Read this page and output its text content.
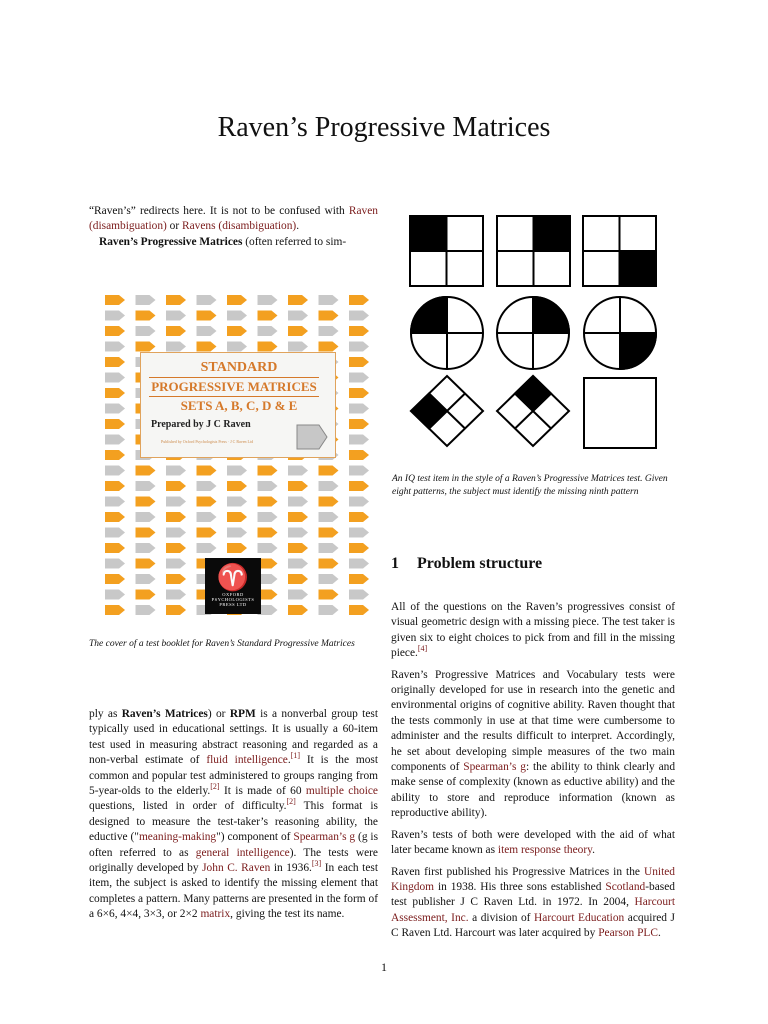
Raven’s Progressive Matrices
“Raven’s” redirects here. It is not to be confused with Raven (disambiguation) or Ravens (disambiguation).
Raven’s Progressive Matrices (often referred to sim-
STANDARD
PROGRESSIVE MATRICES
SETS A, B, C, D & E
Prepared by J C Raven
Published by Oxford Psychologists Press · J C Raven Ltd
♈
OXFORD PSYCHOLOGISTS PRESS LTD
The cover of a test booklet for Raven’s Standard Progressive Matrices
ply as Raven’s Matrices) or RPM is a nonverbal group test typically used in educational settings. It is usually a 60-item test used in measuring abstract reasoning and regarded as a non-verbal estimate of fluid intelligence.[1] It is the most common and popular test administered to groups ranging from 5-year-olds to the elderly.[2] It is made of 60 multiple choice questions, listed in order of difficulty.[2] This format is designed to measure the test-taker’s reasoning ability, the eductive ("meaning-making") component of Spearman’s g (g is often referred to as general intelligence). The tests were originally developed by John C. Raven in 1936.[3] In each test item, the subject is asked to identify the missing element that completes a pattern. Many patterns are presented in the form of a 6×6, 4×4, 3×3, or 2×2 matrix, giving the test its name.
An IQ test item in the style of a Raven’s Progressive Matrices test. Given eight patterns, the subject must identify the missing ninth pattern
1 Problem structure

All of the questions on the Raven’s progressives consist of visual geometric design with a missing piece. The test taker is given six to eight choices to pick from and fill in the missing piece.[4]

Raven’s Progressive Matrices and Vocabulary tests were originally developed for use in research into the genetic and environmental origins of cognitive ability. Raven thought that the tests commonly in use at that time were cumbersome to administer and the results difficult to interpret. Accordingly, he set about developing simple measures of the two main components of Spearman’s g: the ability to think clearly and make sense of complexity (known as eductive ability) and the ability to store and reproduce information (known as reproductive ability).

Raven’s tests of both were developed with the aid of what later became known as item response theory.

Raven first published his Progressive Matrices in the United Kingdom in 1938. His three sons established Scotland-based test publisher J C Raven Ltd. in 1972. In 2004, Harcourt Assessment, Inc. a division of Harcourt Education acquired J C Raven Ltd. Harcourt was later acquired by Pearson PLC.

1
